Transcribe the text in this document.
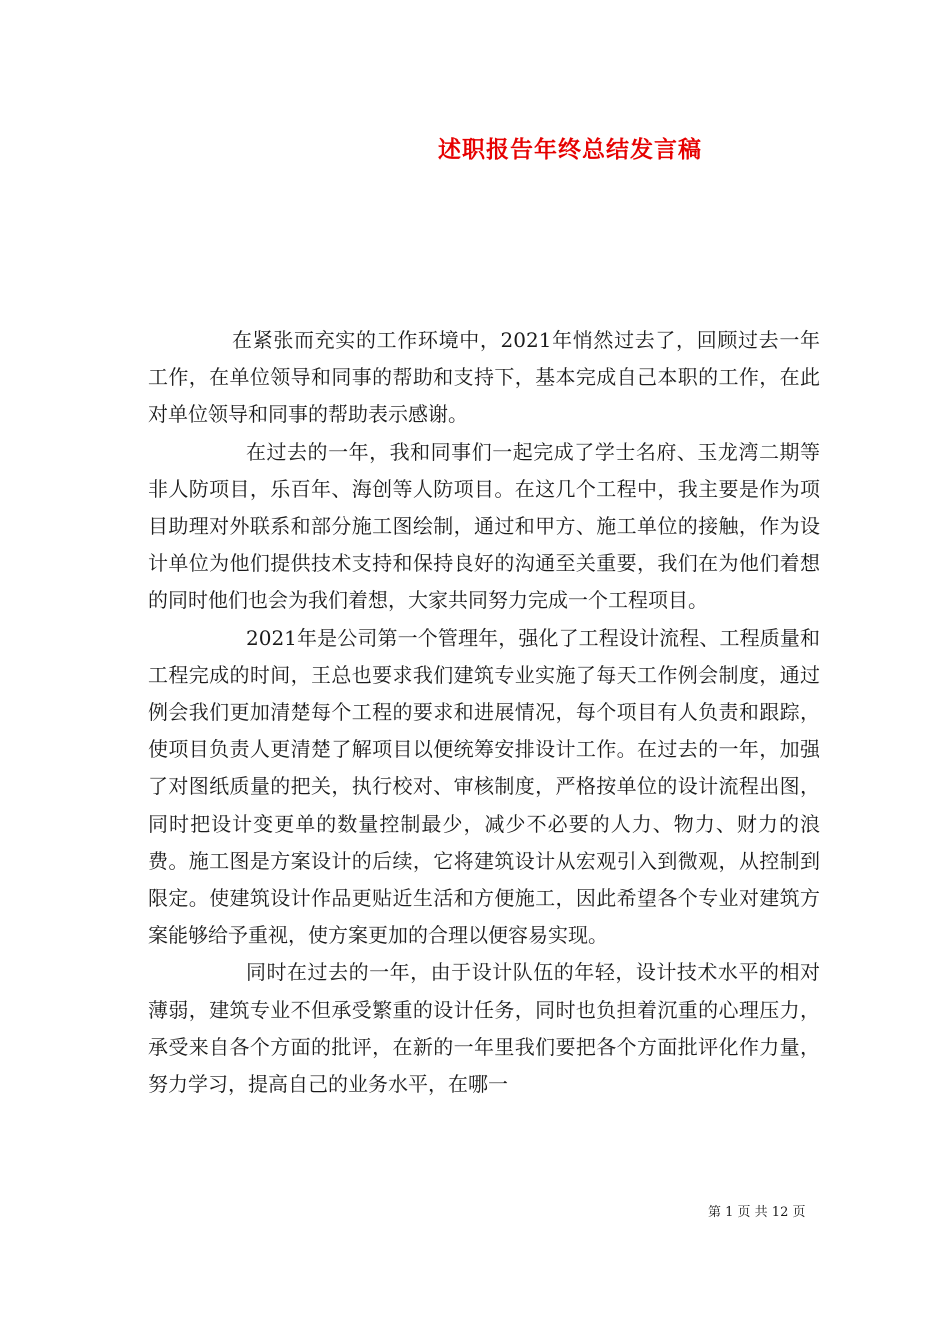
述职报告年终总结发言稿

在紧张而充实的工作环境中，2021年悄然过去了，回顾过去一年工作，在单位领导和同事的帮助和支持下，基本完成自己本职的工作，在此对单位领导和同事的帮助表示感谢。

在过去的一年，我和同事们一起完成了学士名府、玉龙湾二期等非人防项目，乐百年、海创等人防项目。在这几个工程中，我主要是作为项目助理对外联系和部分施工图绘制，通过和甲方、施工单位的接触，作为设计单位为他们提供技术支持和保持良好的沟通至关重要，我们在为他们着想的同时他们也会为我们着想，大家共同努力完成一个工程项目。

2021年是公司第一个管理年，强化了工程设计流程、工程质量和工程完成的时间，王总也要求我们建筑专业实施了每天工作例会制度，通过例会我们更加清楚每个工程的要求和进展情况，每个项目有人负责和跟踪，使项目负责人更清楚了解项目以便统筹安排设计工作。在过去的一年，加强了对图纸质量的把关，执行校对、审核制度，严格按单位的设计流程出图，同时把设计变更单的数量控制最少，减少不必要的人力、物力、财力的浪费。施工图是方案设计的后续，它将建筑设计从宏观引入到微观，从控制到限定。使建筑设计作品更贴近生活和方便施工，因此希望各个专业对建筑方案能够给予重视，使方案更加的合理以便容易实现。

同时在过去的一年，由于设计队伍的年轻，设计技术水平的相对薄弱，建筑专业不但承受繁重的设计任务，同时也负担着沉重的心理压力，承受来自各个方面的批评，在新的一年里我们要把各个方面批评化作力量，努力学习，提高自己的业务水平，在哪一

第 1 页 共 12 页
